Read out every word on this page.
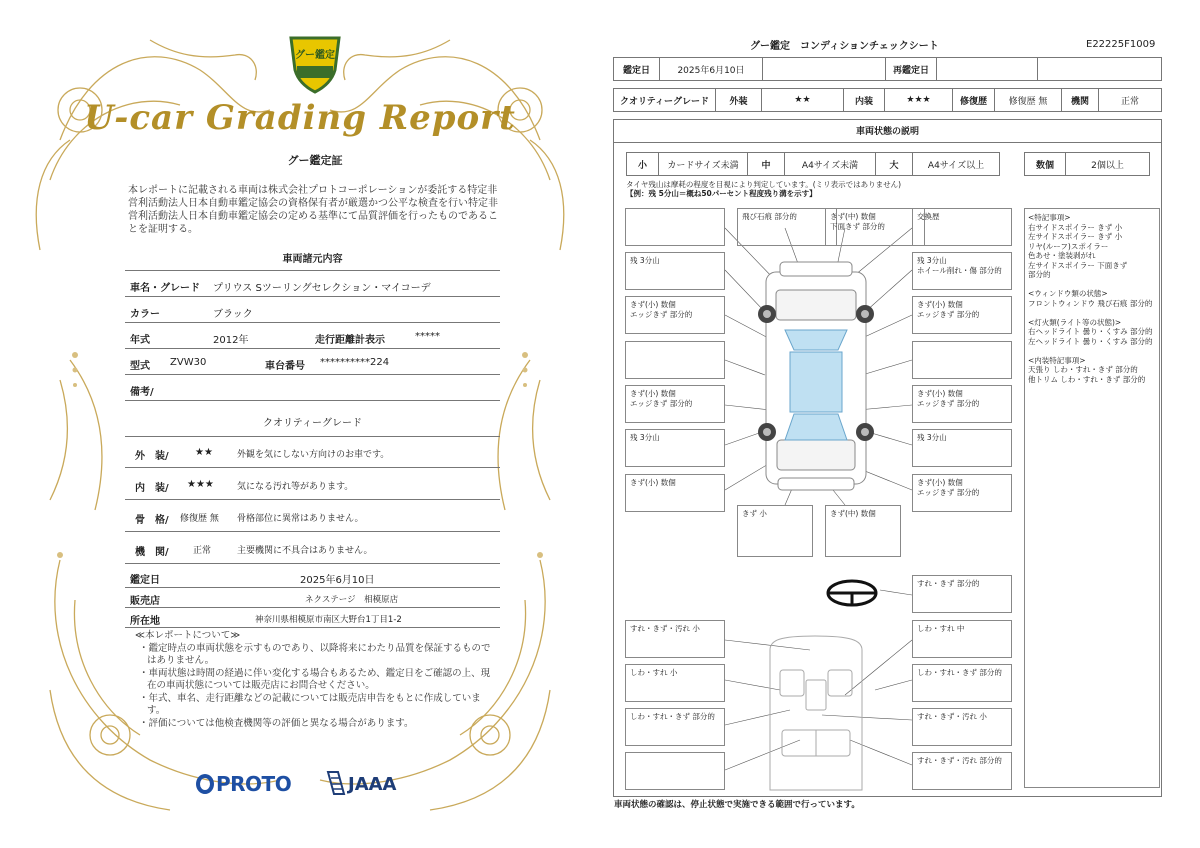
グー鑑定
U-car Grading Report
グー鑑定証
本レポートに記載される車両は株式会社プロトコーポレーションが委託する特定非営利活動法人日本自動車鑑定協会の資格保有者が厳選かつ公平な検査を行い特定非営利活動法人日本自動車鑑定協会の定める基準にて品質評価を行ったものであることを証明する。
車両諸元内容
車名・グレード プリウス Sツーリングセレクション・マイコーデ
カラー	ブラック
年式	2012年	走行距離計表示	*****
型式 ZVW30	車台番号 **********224
備考/
クオリティーグレード
外　装/	★★	外観を気にしない方向けのお車です。
内　装/ ★★★	気になる汚れ等があります。
骨　格/ 修復歴 無 骨格部位に異常はありません。
機　関/	正常	主要機関に不具合はありません。
鑑定日	2025年6月10日
販売店	ネクステージ　相模原店
所在地	神奈川県相模原市南区大野台1丁目1-2
≪本レポートについて≫
・鑑定時点の車両状態を示すものであり、以降将来にわたり品質を保証するものではありません。
・車両状態は時間の経過に伴い変化する場合もあるため、鑑定日をご確認の上、現在の車両状態については販売店にお問合せください。
・年式、車名、走行距離などの記載については販売店申告をもとに作成しています。
・評価については他検査機関等の評価と異なる場合があります。
PROTO	JAAA
グー鑑定　コンディションチェックシート	E22225F1009
鑑定日	2025年6月10日	再鑑定日
クオリティーグレード	外装	★★	内装	★★★	修復歴	修復歴 無	機関	正常
車両状態の説明
小	カードサイズ未満	中	A4サイズ未満	大	A4サイズ以上	数個	2個以上
タイヤ残山は摩耗の程度を目視により判定しています。(ミリ表示ではありません)
【例：残 5分山＝概ね50パーセント程度残り溝を示す】
飛び石痕 部分的	きず(中) 数個
下面きず 部分的
交換歴
残 3分山
きず(小) 数個
エッジきず 部分的
きず(小) 数個
エッジきず 部分的
残 3分山
きず(小) 数個
残 3分山
ホイール削れ・傷 部分的
きず(小) 数個
エッジきず 部分的
きず(小) 数個
エッジきず 部分的
残 3分山
きず(小) 数個
エッジきず 部分的
きず 小	きず(中) 数個
すれ・きず 部分的
すれ・きず・汚れ 小
しわ・すれ 小
しわ・すれ・きず 部分的
しわ・すれ 中
しわ・すれ・きず 部分的
すれ・きず・汚れ 小
すれ・きず・汚れ 部分的
<特記事項>
右サイドスポイラー きず 小
左サイドスポイラー きず 小
リヤ(ルーフ)スポイラー
色あせ・塗装剥がれ
左サイドスポイラー 下面きず
部分的
<ウィンドウ類の状態>
フロントウィンドウ 飛び石痕 部分的
<灯火類(ライト等の状態)>
右ヘッドライト 曇り・くすみ 部分的
左ヘッドライト 曇り・くすみ 部分的
<内装特記事項>
天張り しわ・すれ・きず 部分的
他トリム しわ・すれ・きず 部分的
車両状態の確認は、停止状態で実施できる範囲で行っています。
